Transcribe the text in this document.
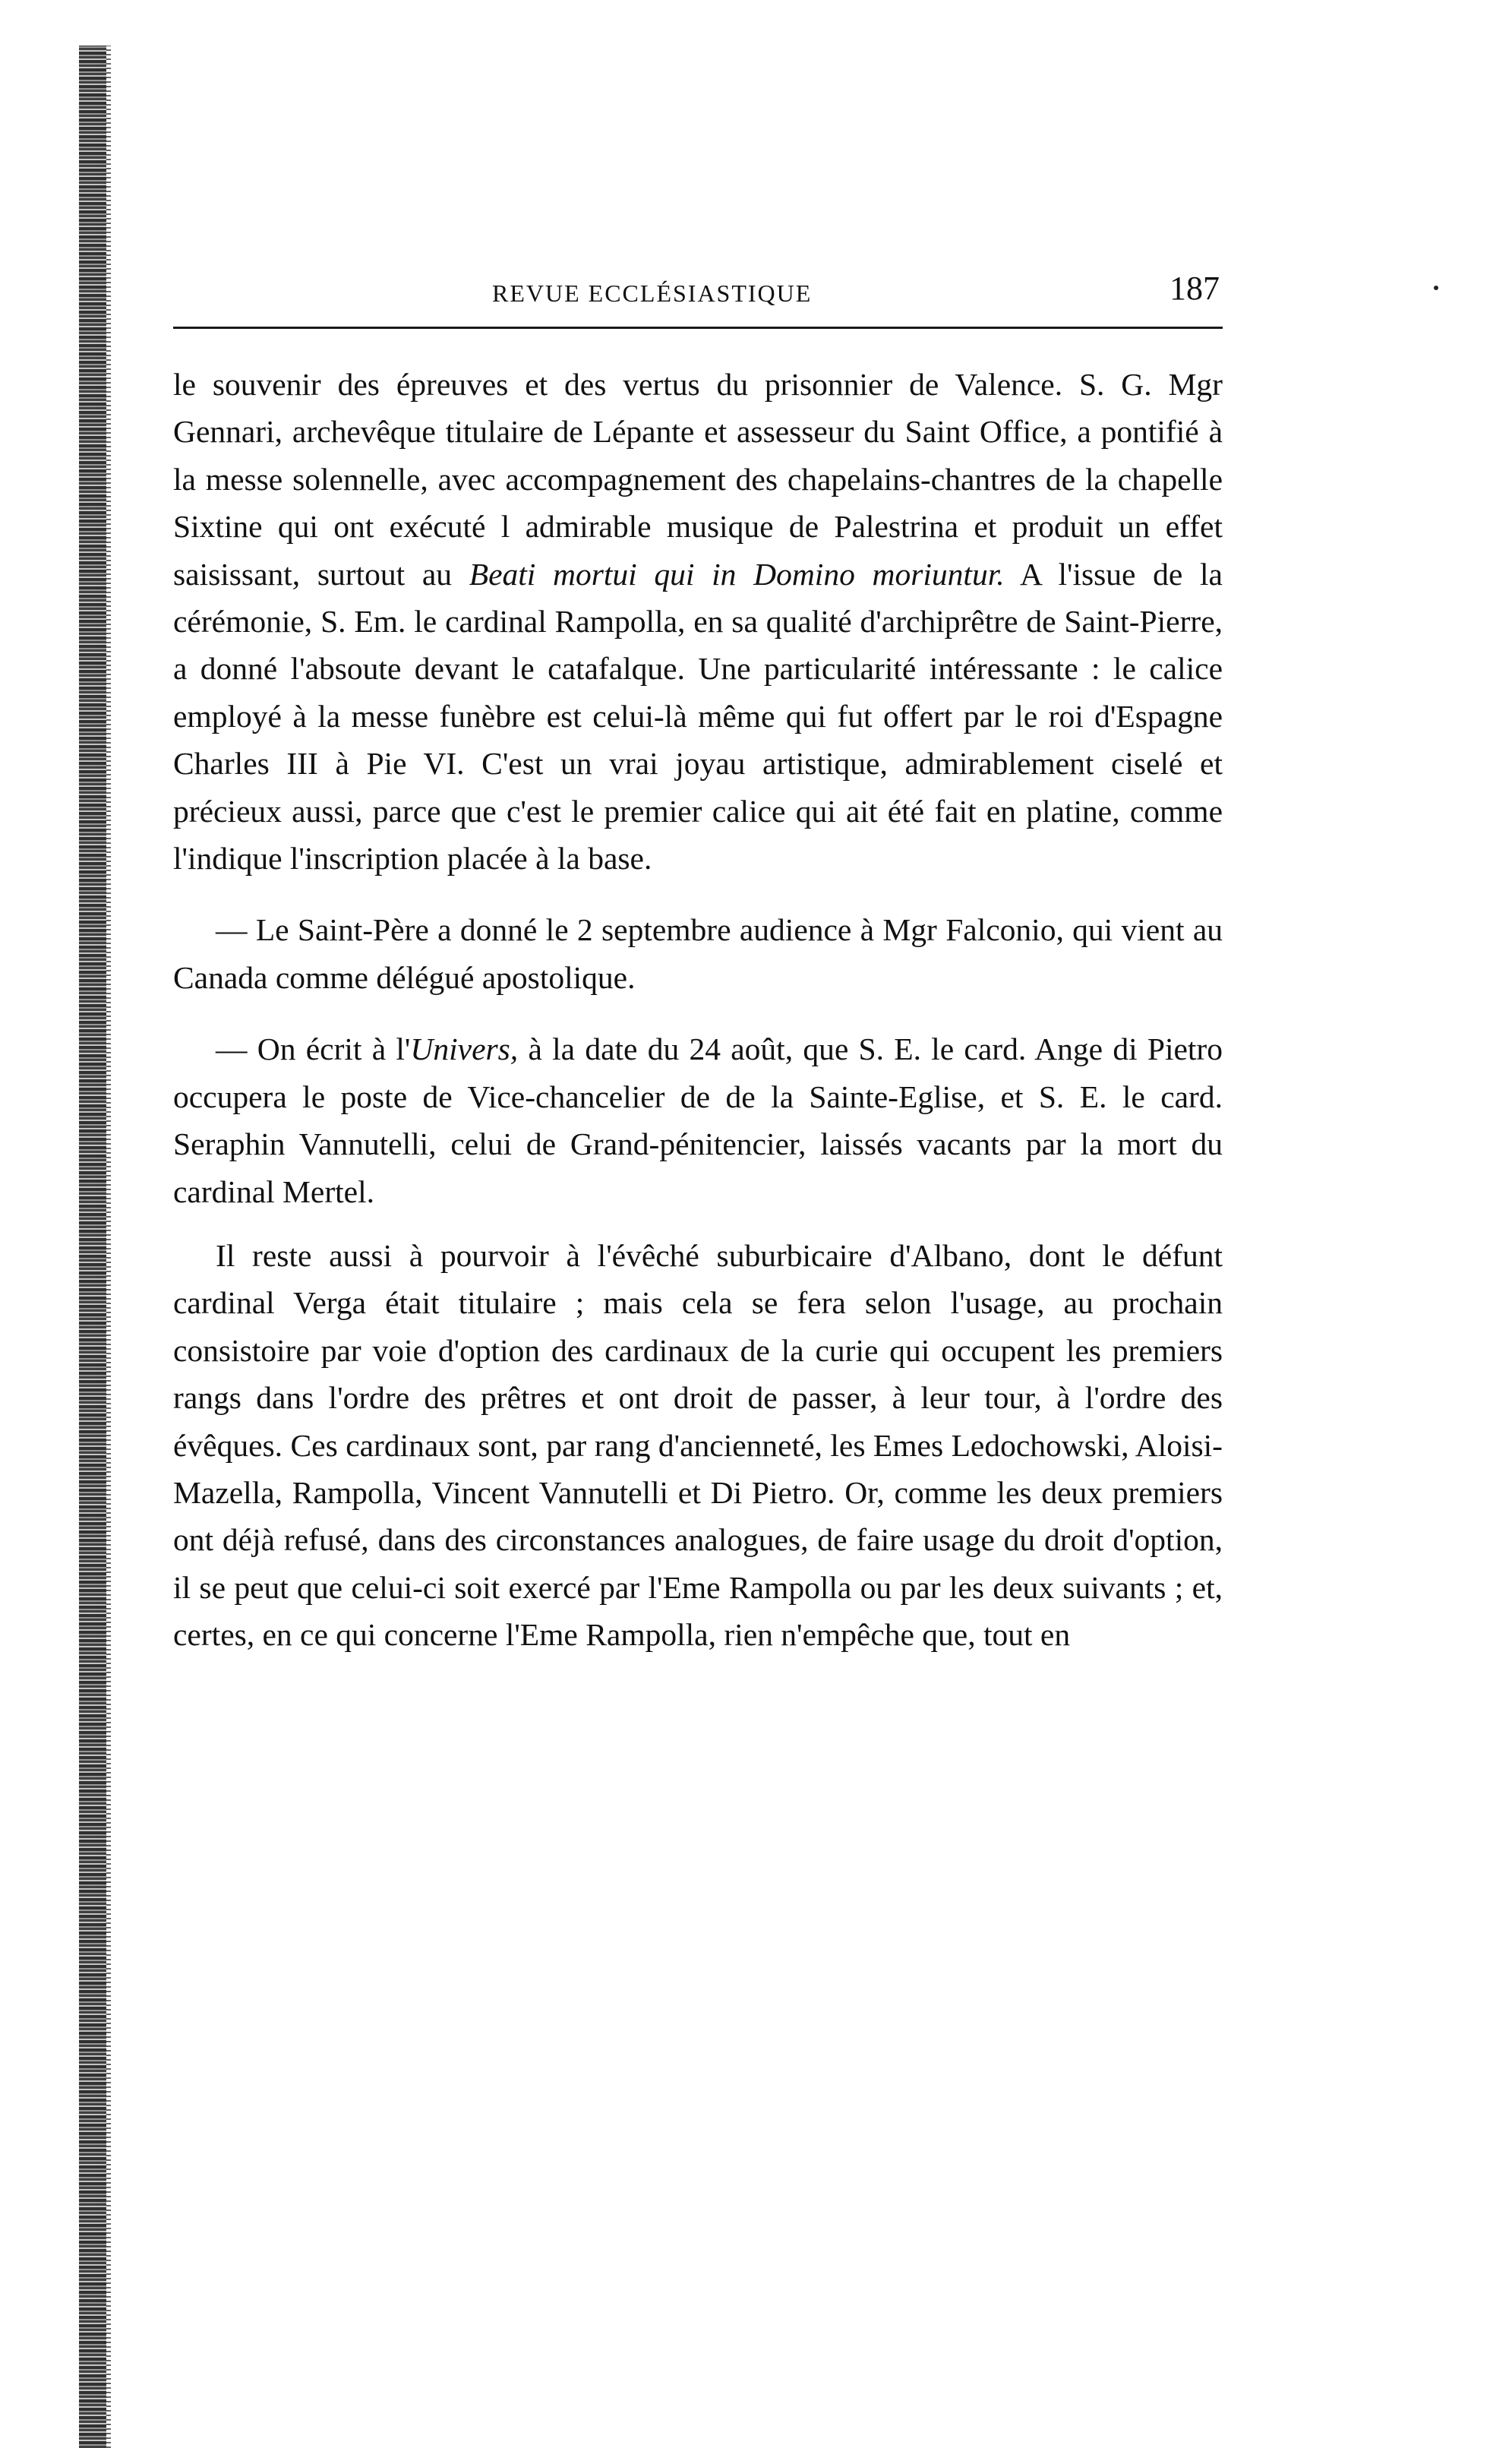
REVUE ECCLÉSIASTIQUE	187

le souvenir des épreuves et des vertus du prisonnier de Valence. S. G. Mgr Gennari, archevêque titulaire de Lépante et assesseur du Saint Office, a pontifié à la messe solennelle, avec accompagnement des chapelains-chantres de la chapelle Sixtine qui ont exécuté l admirable musique de Palestrina et produit un effet saisissant, surtout au Beati mortui qui in Domino moriuntur. A l'issue de la cérémonie, S. Em. le cardinal Rampolla, en sa qualité d'archiprêtre de Saint-Pierre, a donné l'absoute devant le catafalque. Une particularité intéressante : le calice employé à la messe funèbre est celui-là même qui fut offert par le roi d'Espagne Charles III à Pie VI. C'est un vrai joyau artistique, admirablement ciselé et précieux aussi, parce que c'est le premier calice qui ait été fait en platine, comme l'indique l'inscription placée à la base.

— Le Saint-Père a donné le 2 septembre audience à Mgr Falconio, qui vient au Canada comme délégué apostolique.

— On écrit à l'Univers, à la date du 24 août, que S. E. le card. Ange di Pietro occupera le poste de Vice-chancelier de de la Sainte-Eglise, et S. E. le card. Seraphin Vannutelli, celui de Grand-pénitencier, laissés vacants par la mort du cardinal Mertel.

Il reste aussi à pourvoir à l'évêché suburbicaire d'Albano, dont le défunt cardinal Verga était titulaire ; mais cela se fera selon l'usage, au prochain consistoire par voie d'option des cardinaux de la curie qui occupent les premiers rangs dans l'ordre des prêtres et ont droit de passer, à leur tour, à l'ordre des évêques. Ces cardinaux sont, par rang d'ancienneté, les Emes Ledochowski, Aloisi-Mazella, Rampolla, Vincent Vannutelli et Di Pietro. Or, comme les deux premiers ont déjà refusé, dans des circonstances analogues, de faire usage du droit d'option, il se peut que celui-ci soit exercé par l'Eme Rampolla ou par les deux suivants ; et, certes, en ce qui concerne l'Eme Rampolla, rien n'empêche que, tout en
